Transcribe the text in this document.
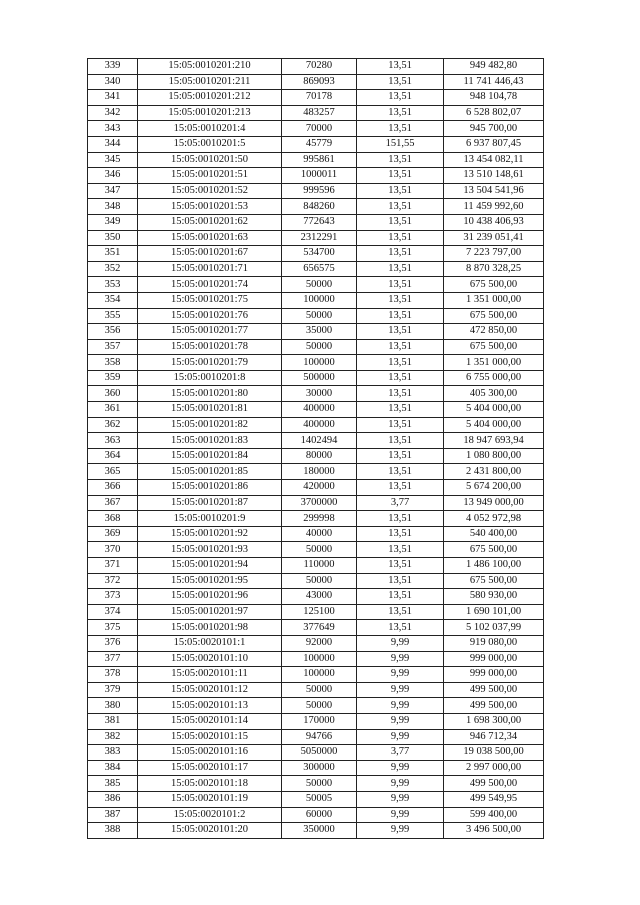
339	15:05:0010201:210	70280	13,51	949 482,80
340	15:05:0010201:211	869093	13,51	11 741 446,43
341	15:05:0010201:212	70178	13,51	948 104,78
342	15:05:0010201:213	483257	13,51	6 528 802,07
343	15:05:0010201:4	70000	13,51	945 700,00
344	15:05:0010201:5	45779	151,55	6 937 807,45
345	15:05:0010201:50	995861	13,51	13 454 082,11
346	15:05:0010201:51	1000011	13,51	13 510 148,61
347	15:05:0010201:52	999596	13,51	13 504 541,96
348	15:05:0010201:53	848260	13,51	11 459 992,60
349	15:05:0010201:62	772643	13,51	10 438 406,93
350	15:05:0010201:63	2312291	13,51	31 239 051,41
351	15:05:0010201:67	534700	13,51	7 223 797,00
352	15:05:0010201:71	656575	13,51	8 870 328,25
353	15:05:0010201:74	50000	13,51	675 500,00
354	15:05:0010201:75	100000	13,51	1 351 000,00
355	15:05:0010201:76	50000	13,51	675 500,00
356	15:05:0010201:77	35000	13,51	472 850,00
357	15:05:0010201:78	50000	13,51	675 500,00
358	15:05:0010201:79	100000	13,51	1 351 000,00
359	15:05:0010201:8	500000	13,51	6 755 000,00
360	15:05:0010201:80	30000	13,51	405 300,00
361	15:05:0010201:81	400000	13,51	5 404 000,00
362	15:05:0010201:82	400000	13,51	5 404 000,00
363	15:05:0010201:83	1402494	13,51	18 947 693,94
364	15:05:0010201:84	80000	13,51	1 080 800,00
365	15:05:0010201:85	180000	13,51	2 431 800,00
366	15:05:0010201:86	420000	13,51	5 674 200,00
367	15:05:0010201:87	3700000	3,77	13 949 000,00
368	15:05:0010201:9	299998	13,51	4 052 972,98
369	15:05:0010201:92	40000	13,51	540 400,00
370	15:05:0010201:93	50000	13,51	675 500,00
371	15:05:0010201:94	110000	13,51	1 486 100,00
372	15:05:0010201:95	50000	13,51	675 500,00
373	15:05:0010201:96	43000	13,51	580 930,00
374	15:05:0010201:97	125100	13,51	1 690 101,00
375	15:05:0010201:98	377649	13,51	5 102 037,99
376	15:05:0020101:1	92000	9,99	919 080,00
377	15:05:0020101:10	100000	9,99	999 000,00
378	15:05:0020101:11	100000	9,99	999 000,00
379	15:05:0020101:12	50000	9,99	499 500,00
380	15:05:0020101:13	50000	9,99	499 500,00
381	15:05:0020101:14	170000	9,99	1 698 300,00
382	15:05:0020101:15	94766	9,99	946 712,34
383	15:05:0020101:16	5050000	3,77	19 038 500,00
384	15:05:0020101:17	300000	9,99	2 997 000,00
385	15:05:0020101:18	50000	9,99	499 500,00
386	15:05:0020101:19	50005	9,99	499 549,95
387	15:05:0020101:2	60000	9,99	599 400,00
388	15:05:0020101:20	350000	9,99	3 496 500,00
